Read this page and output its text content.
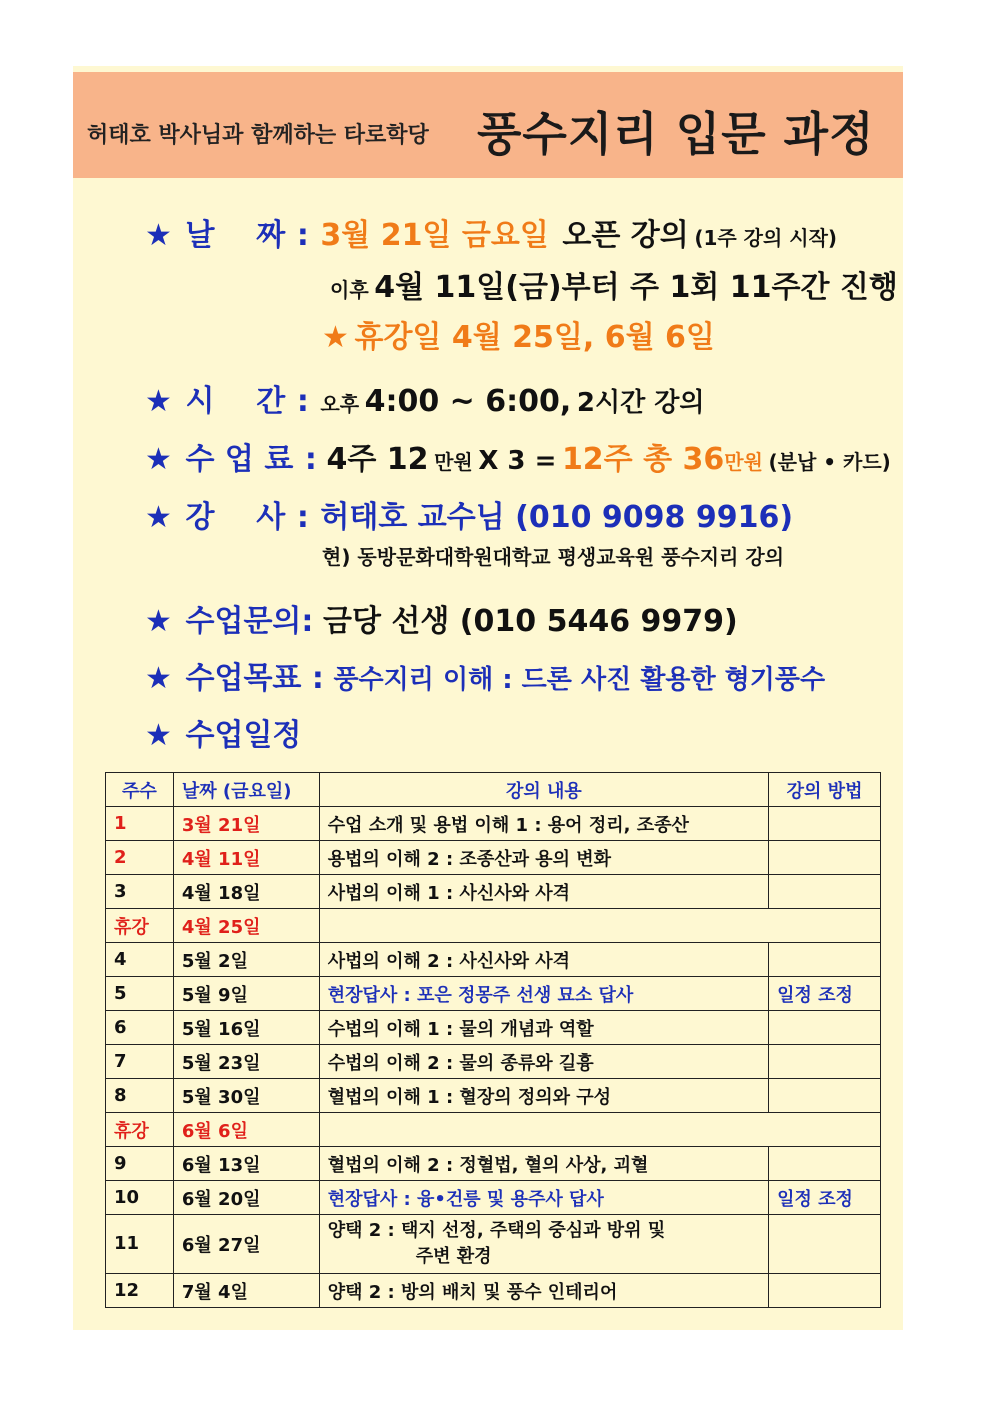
허태호 박사님과 함께하는 타로학당 풍수지리 입문 과정
★ 날    짜 : 3월 21일 금요일 오픈 강의 (1주 강의 시작)
이후 4월 11일(금)부터 주 1회 11주간 진행
★ 휴강일 4월 25일, 6월 6일
★ 시    간 : 오후 4:00 ~ 6:00, 2시간 강의
★ 수 업 료 : 4주 12 만원 X 3 = 12주 총 36만원 (분납 • 카드)
★ 강    사 : 허태호 교수님 (010 9098 9916)
현) 동방문화대학원대학교 평생교육원 풍수지리 강의
★ 수업문의: 금당 선생 (010 5446 9979)
★ 수업목표 : 풍수지리 이해 : 드론 사진 활용한 형기풍수
★ 수업일정
주수	날짜 (금요일)	강의 내용	강의 방법
1	3월 21일	수업 소개 및 용법 이해 1 : 용어 정리, 조종산	
2	4월 11일	용법의 이해 2 : 조종산과 용의 변화	
3	4월 18일	사법의 이해 1 : 사신사와 사격	
휴강	4월 25일		
4	5월 2일	사법의 이해 2 : 사신사와 사격	
5	5월 9일	현장답사 : 포은 정몽주 선생 묘소 답사	일정 조정
6	5월 16일	수법의 이해 1 : 물의 개념과 역할	
7	5월 23일	수법의 이해 2 : 물의 종류와 길흉	
8	5월 30일	혈법의 이해 1 : 혈장의 정의와 구성	
휴강	6월 6일		
9	6월 13일	혈법의 이해 2 : 정혈법, 혈의 사상, 괴혈	
10	6월 20일	현장답사 : 융•건릉 및 용주사 답사	일정 조정
11	6월 27일	양택 2 : 택지 선정, 주택의 중심과 방위 및
주변 환경	
12	7월 4일	양택 2 : 방의 배치 및 풍수 인테리어	
